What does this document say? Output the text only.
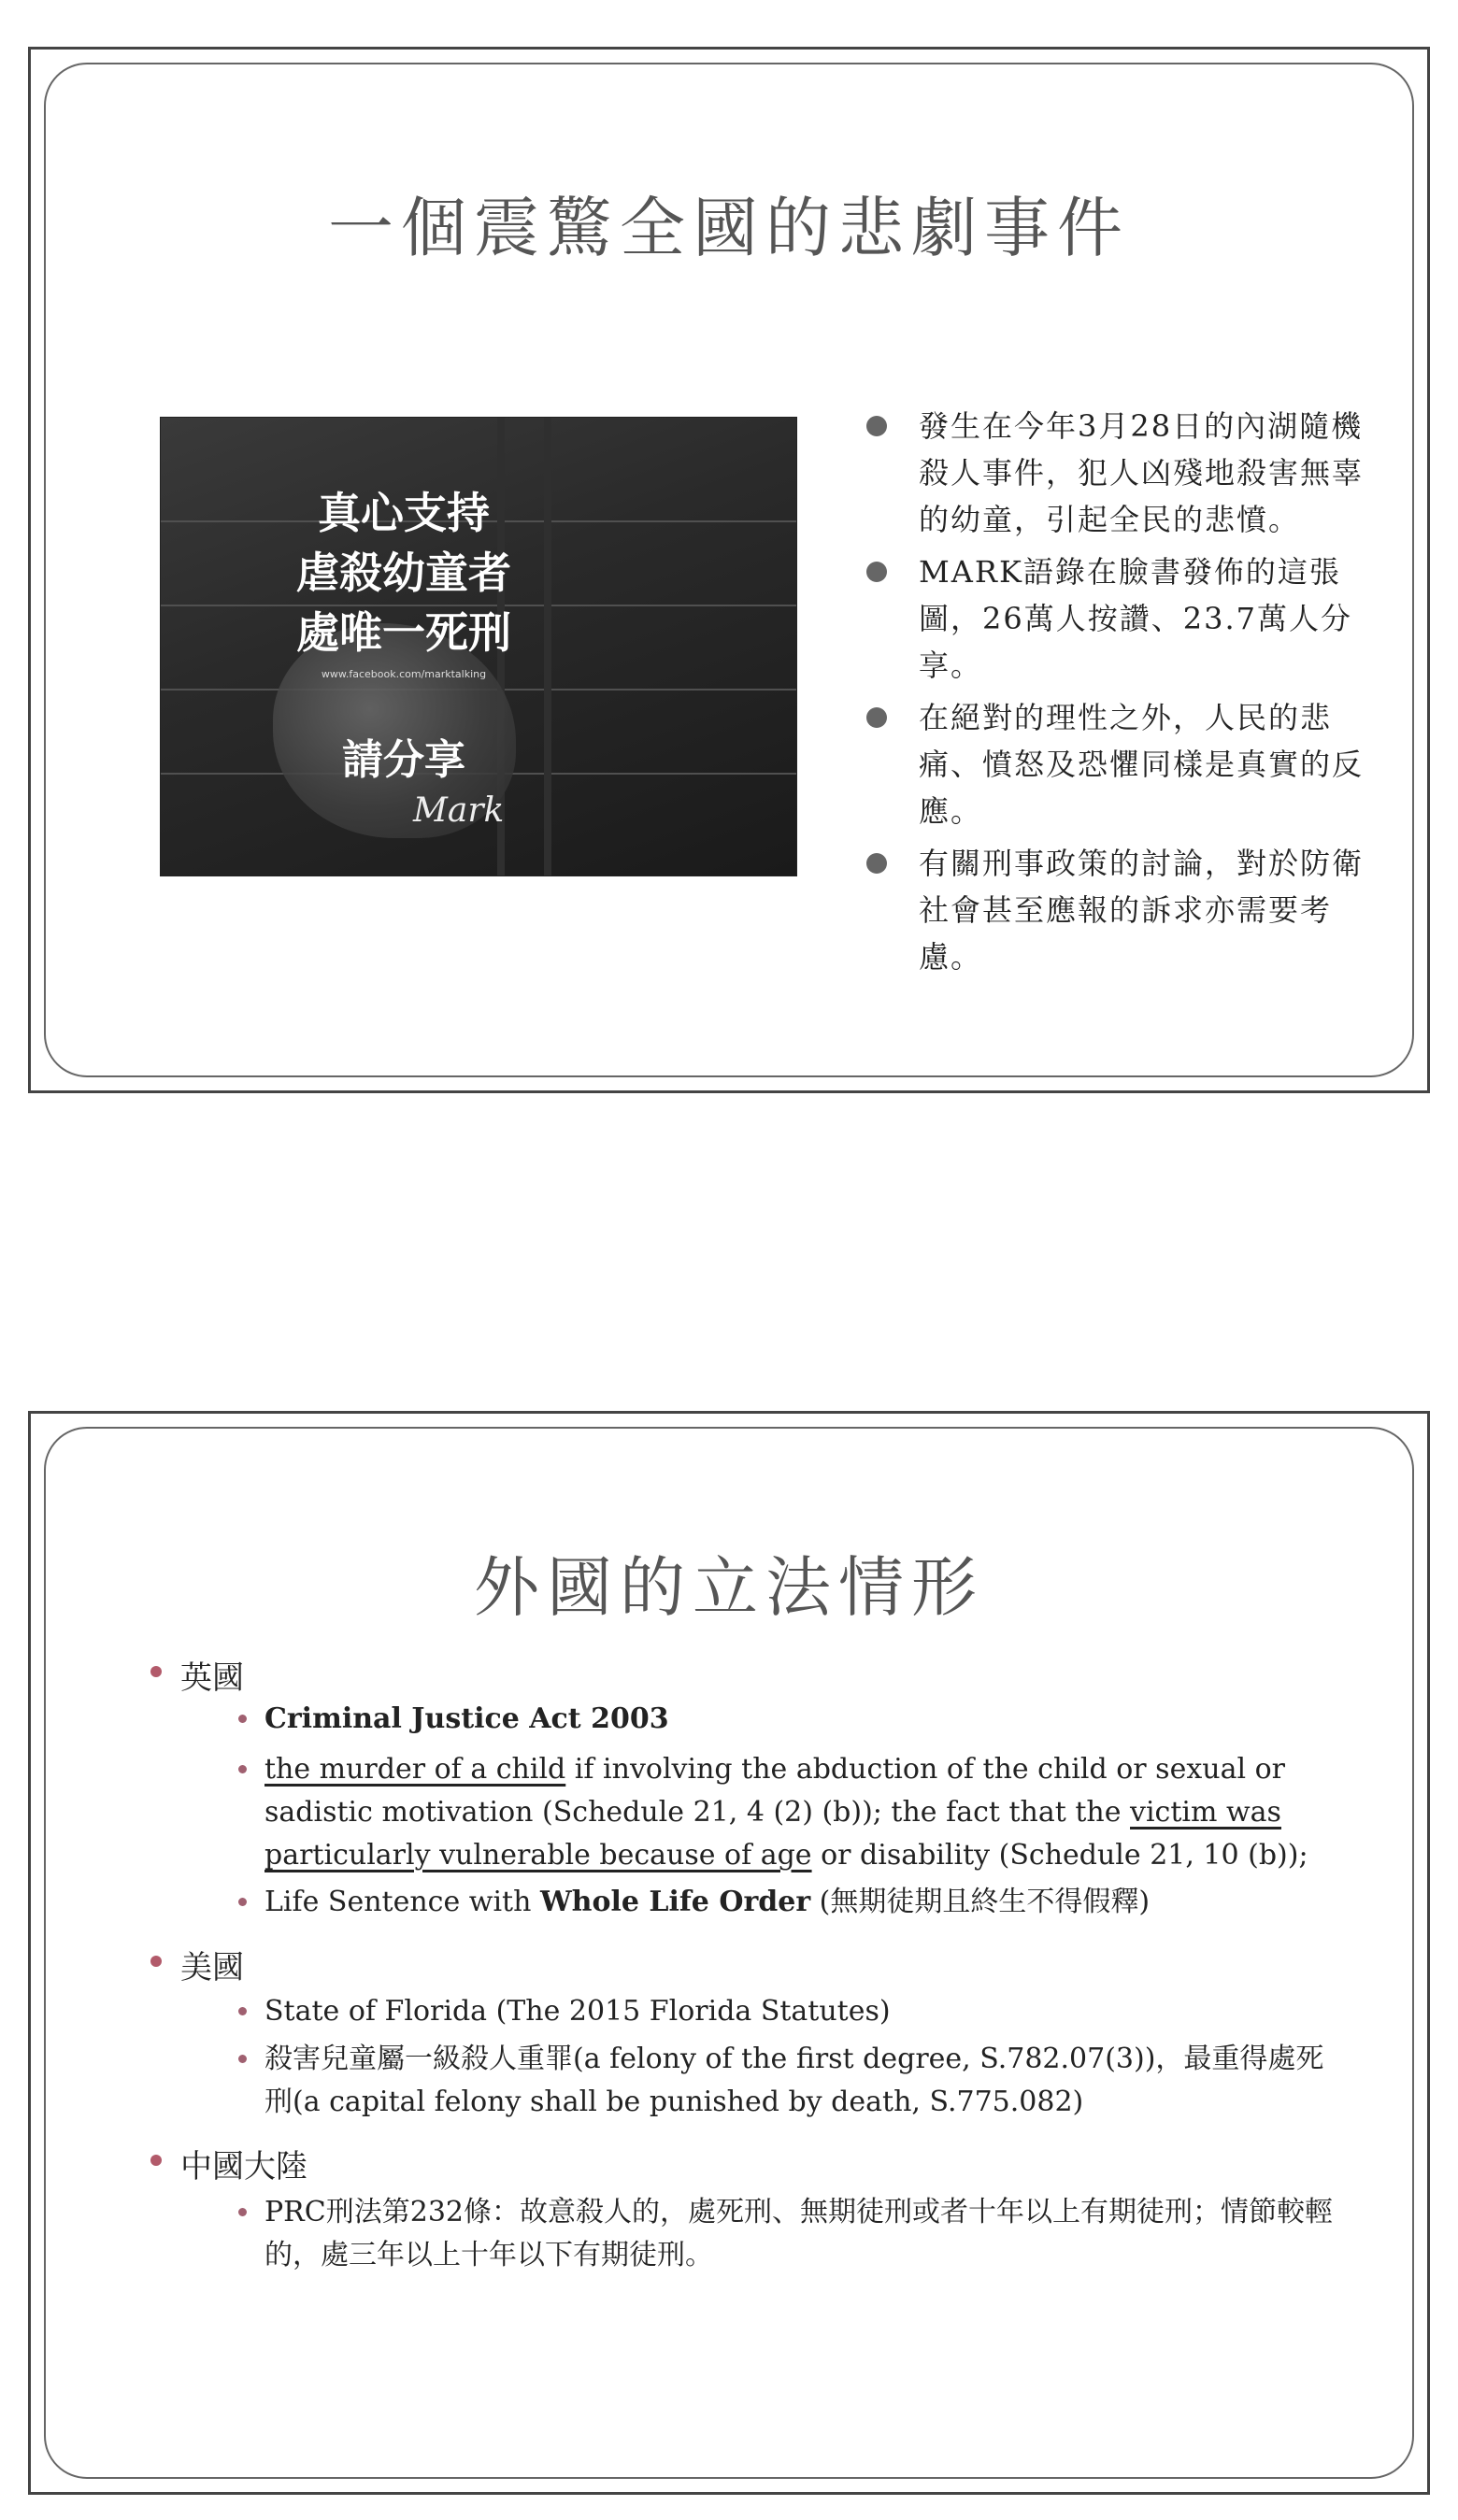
一個震驚全國的悲劇事件
真心支持
虐殺幼童者
處唯一死刑
www.facebook.com/marktalking
請分享
Mark
發生在今年3月28日的內湖隨機殺人事件，犯人凶殘地殺害無辜的幼童，引起全民的悲憤。
MARK語錄在臉書發佈的這張圖，26萬人按讚、23.7萬人分享。
在絕對的理性之外，人民的悲痛、憤怒及恐懼同樣是真實的反應。
有關刑事政策的討論，對於防衛社會甚至應報的訴求亦需要考慮。
外國的立法情形
英國
Criminal Justice Act 2003
the murder of a child if involving the abduction of the child or sexual or sadistic motivation (Schedule 21, 4 (2) (b)); the fact that the victim was particularly vulnerable because of age or disability (Schedule 21, 10 (b));
Life Sentence with Whole Life Order (無期徒期且終生不得假釋)
美國
State of Florida (The 2015 Florida Statutes)
殺害兒童屬一級殺人重罪(a felony of the first degree, S.782.07(3))，最重得處死刑(a capital felony shall be punished by death, S.775.082)
中國大陸
PRC刑法第232條：故意殺人的，處死刑、無期徒刑或者十年以上有期徒刑；情節較輕的，處三年以上十年以下有期徒刑。
